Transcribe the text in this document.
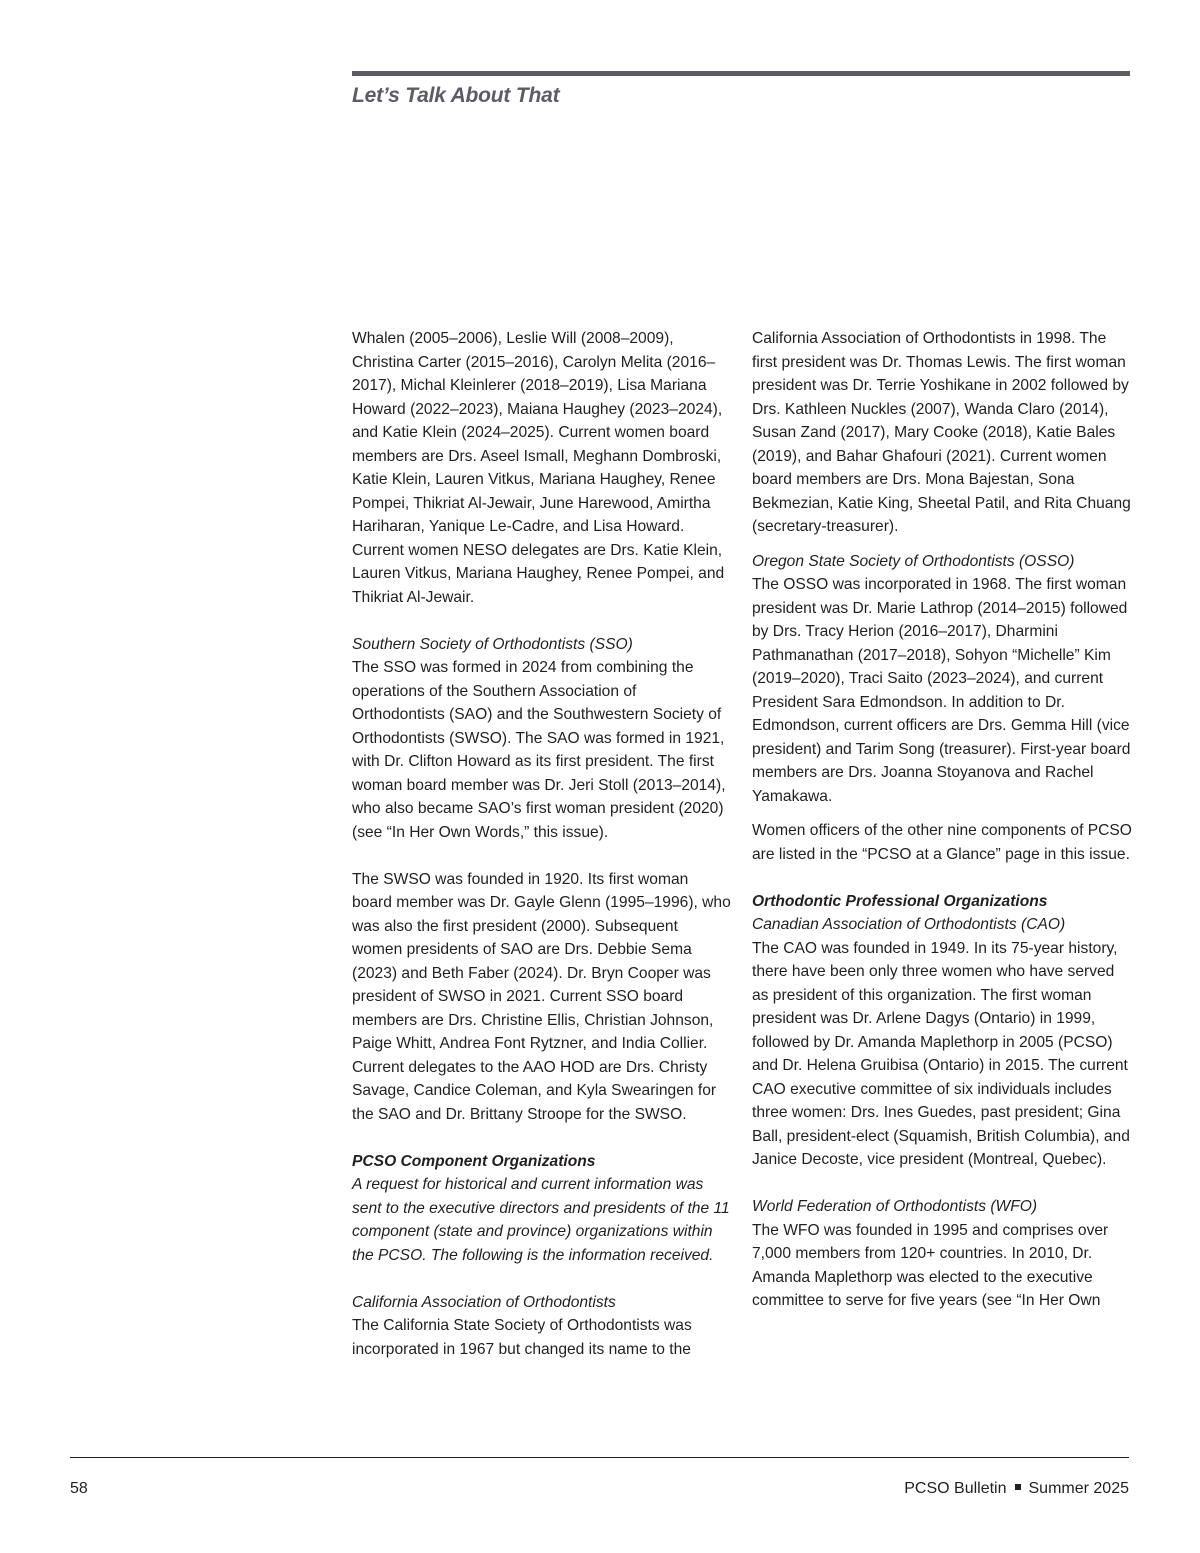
Let’s Talk About That

Whalen (2005–2006), Leslie Will (2008–2009), Christina Carter (2015–2016), Carolyn Melita (2016–2017), Michal Kleinlerer (2018–2019), Lisa Mariana Howard (2022–2023), Maiana Haughey (2023–2024), and Katie Klein (2024–2025). Current women board members are Drs. Aseel Ismall, Meghann Dombroski, Katie Klein, Lauren Vitkus, Mariana Haughey, Renee Pompei, Thikriat Al-Jewair, June Harewood, Amirtha Hariharan, Yanique Le-Cadre, and Lisa Howard. Current women NESO delegates are Drs. Katie Klein, Lauren Vitkus, Mariana Haughey, Renee Pompei, and Thikriat Al-Jewair.

Southern Society of Orthodontists (SSO)

The SSO was formed in 2024 from combining the operations of the Southern Association of Orthodontists (SAO) and the Southwestern Society of Orthodontists (SWSO). The SAO was formed in 1921, with Dr. Clifton Howard as its first president. The first woman board member was Dr. Jeri Stoll (2013–2014), who also became SAO’s first woman president (2020) (see “In Her Own Words,” this issue).

The SWSO was founded in 1920. Its first woman board member was Dr. Gayle Glenn (1995–1996), who was also the first president (2000). Subsequent women presidents of SAO are Drs. Debbie Sema (2023) and Beth Faber (2024). Dr. Bryn Cooper was president of SWSO in 2021. Current SSO board members are Drs. Christine Ellis, Christian Johnson, Paige Whitt, Andrea Font Rytzner, and India Collier. Current delegates to the AAO HOD are Drs. Christy Savage, Candice Coleman, and Kyla Swearingen for the SAO and Dr. Brittany Stroope for the SWSO.

PCSO Component Organizations

A request for historical and current information was sent to the executive directors and presidents of the 11 component (state and province) organizations within the PCSO. The following is the information received.

California Association of Orthodontists

The California State Society of Orthodontists was incorporated in 1967 but changed its name to the

California Association of Orthodontists in 1998. The first president was Dr. Thomas Lewis. The first woman president was Dr. Terrie Yoshikane in 2002 followed by Drs. Kathleen Nuckles (2007), Wanda Claro (2014), Susan Zand (2017), Mary Cooke (2018), Katie Bales (2019), and Bahar Ghafouri (2021). Current women board members are Drs. Mona Bajestan, Sona Bekmezian, Katie King, Sheetal Patil, and Rita Chuang (secretary-treasurer).

Oregon State Society of Orthodontists (OSSO)

The OSSO was incorporated in 1968. The first woman president was Dr. Marie Lathrop (2014–2015) followed by Drs. Tracy Herion (2016–2017), Dharmini Pathmanathan (2017–2018), Sohyon “Michelle” Kim (2019–2020), Traci Saito (2023–2024), and current President Sara Edmondson. In addition to Dr. Edmondson, current officers are Drs. Gemma Hill (vice president) and Tarim Song (treasurer). First-year board members are Drs. Joanna Stoyanova and Rachel Yamakawa.

Women officers of the other nine components of PCSO are listed in the “PCSO at a Glance” page in this issue.

Orthodontic Professional Organizations

Canadian Association of Orthodontists (CAO)

The CAO was founded in 1949. In its 75-year history, there have been only three women who have served as president of this organization. The first woman president was Dr. Arlene Dagys (Ontario) in 1999, followed by Dr. Amanda Maplethorp in 2005 (PCSO) and Dr. Helena Gruibisa (Ontario) in 2015. The current CAO executive committee of six individuals includes three women: Drs. Ines Guedes, past president; Gina Ball, president-elect (Squamish, British Columbia), and Janice Decoste, vice president (Montreal, Quebec).

World Federation of Orthodontists (WFO)

The WFO was founded in 1995 and comprises over 7,000 members from 120+ countries. In 2010, Dr. Amanda Maplethorp was elected to the executive committee to serve for five years (see “In Her Own

58	PCSO Bulletin Summer 2025
